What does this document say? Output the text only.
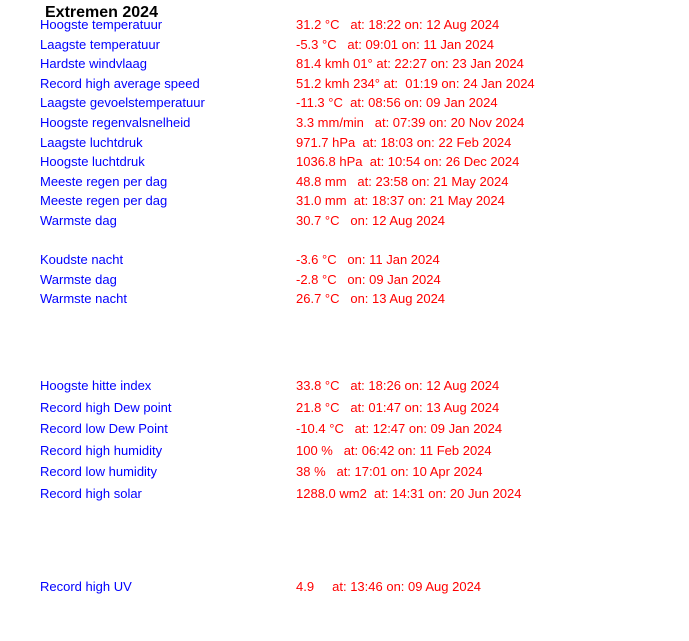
Extremen 2024
Hoogste temperatuur	31.2 °C   at: 18:22 on: 12 Aug 2024
Laagste temperatuur	-5.3 °C   at: 09:01 on: 11 Jan 2024
Hardste windvlaag	81.4 kmh 01° at: 22:27 on: 23 Jan 2024
Record high average speed	51.2 kmh 234° at:  01:19 on: 24 Jan 2024
Laagste gevoelstemperatuur	-11.3 °C  at: 08:56 on: 09 Jan 2024
Hoogste regenvalsnelheid	3.3 mm/min   at: 07:39 on: 20 Nov 2024
Laagste luchtdruk	971.7 hPa  at: 18:03 on: 22 Feb 2024
Hoogste luchtdruk	1036.8 hPa  at: 10:54 on: 26 Dec 2024
Meeste regen per dag	48.8 mm   at: 23:58 on: 21 May 2024
Meeste regen per dag	31.0 mm  at: 18:37 on: 21 May 2024
Warmste dag	30.7 °C   on: 12 Aug 2024
Koudste nacht	-3.6 °C   on: 11 Jan 2024
Warmste dag	-2.8 °C   on: 09 Jan 2024
Warmste nacht	26.7 °C   on: 13 Aug 2024
Hoogste hitte index	33.8 °C   at: 18:26 on: 12 Aug 2024
Record high Dew point	21.8 °C   at: 01:47 on: 13 Aug 2024
Record low Dew Point	-10.4 °C   at: 12:47 on: 09 Jan 2024
Record high humidity	100 %   at: 06:42 on: 11 Feb 2024
Record low humidity	38 %   at: 17:01 on: 10 Apr 2024
Record high solar	1288.0 wm2  at: 14:31 on: 20 Jun 2024
Record high UV	4.9     at: 13:46 on: 09 Aug 2024
